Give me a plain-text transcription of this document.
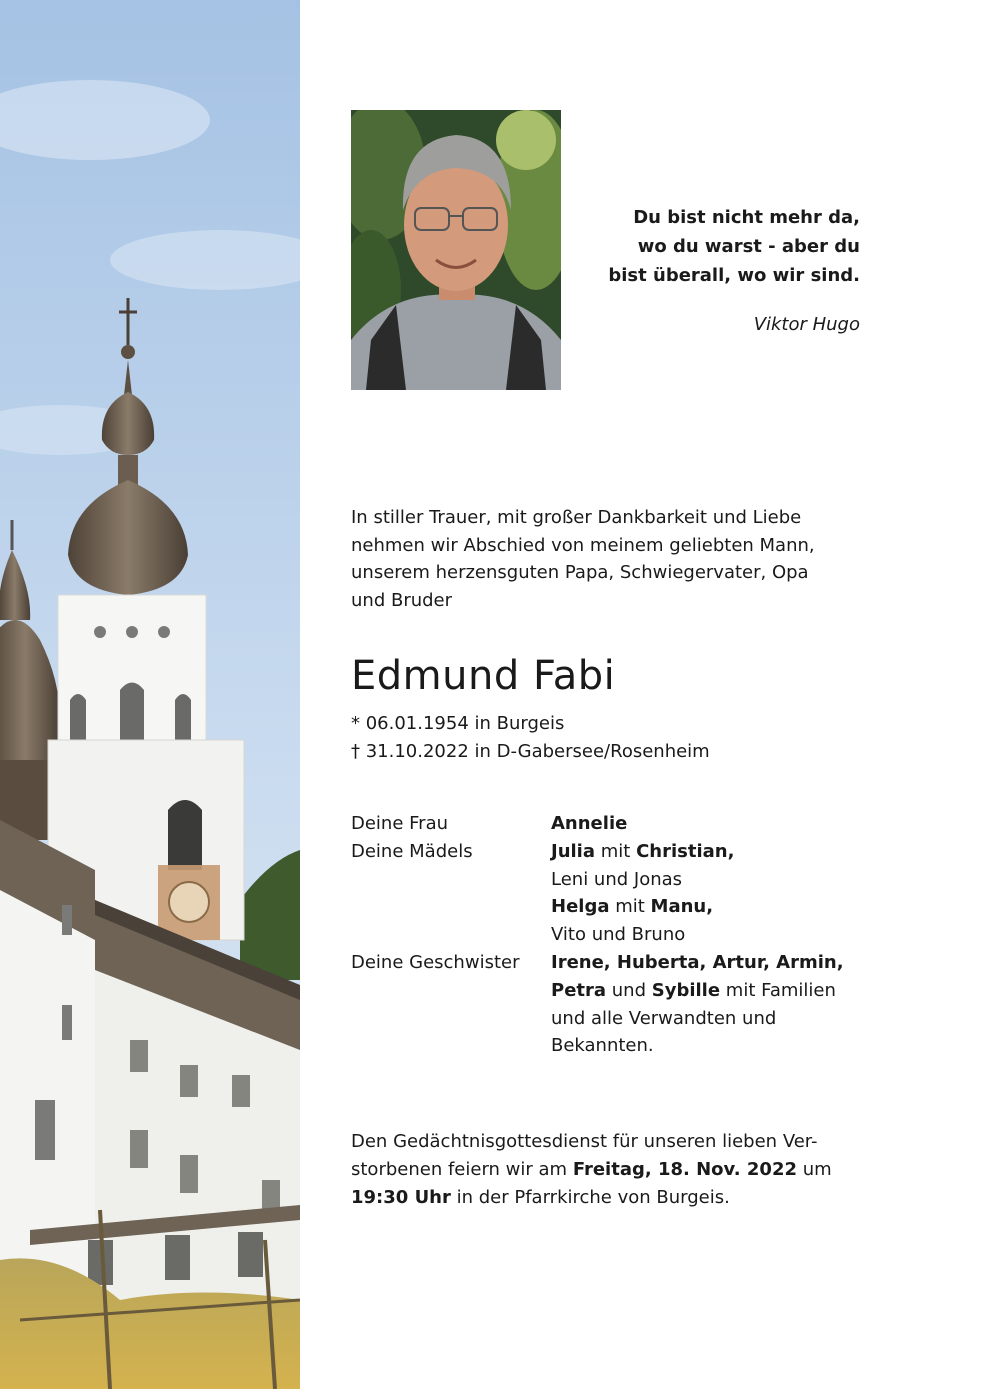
Du bist nicht mehr da,
wo du warst - aber du
bist überall, wo wir sind.
Viktor Hugo
In stiller Trauer, mit großer Dankbarkeit und Liebe
nehmen wir Abschied von meinem geliebten Mann,
unserem herzensguten Papa, Schwiegervater, Opa
und Bruder
Edmund Fabi
* 06.01.1954 in Burgeis
† 31.10.2022 in D-Gabersee/Rosenheim
Deine Frau	Annelie
Deine Mädels	Julia mit Christian,
Leni und Jonas
Helga mit Manu,
Vito und Bruno
Deine Geschwister Irene, Huberta, Artur, Armin,
Petra und Sybille mit Familien
und alle Verwandten und
Bekannten.
Den Gedächtnisgottesdienst für unseren lieben Ver-
storbenen feiern wir am Freitag, 18. Nov. 2022 um
19:30 Uhr in der Pfarrkirche von Burgeis.
